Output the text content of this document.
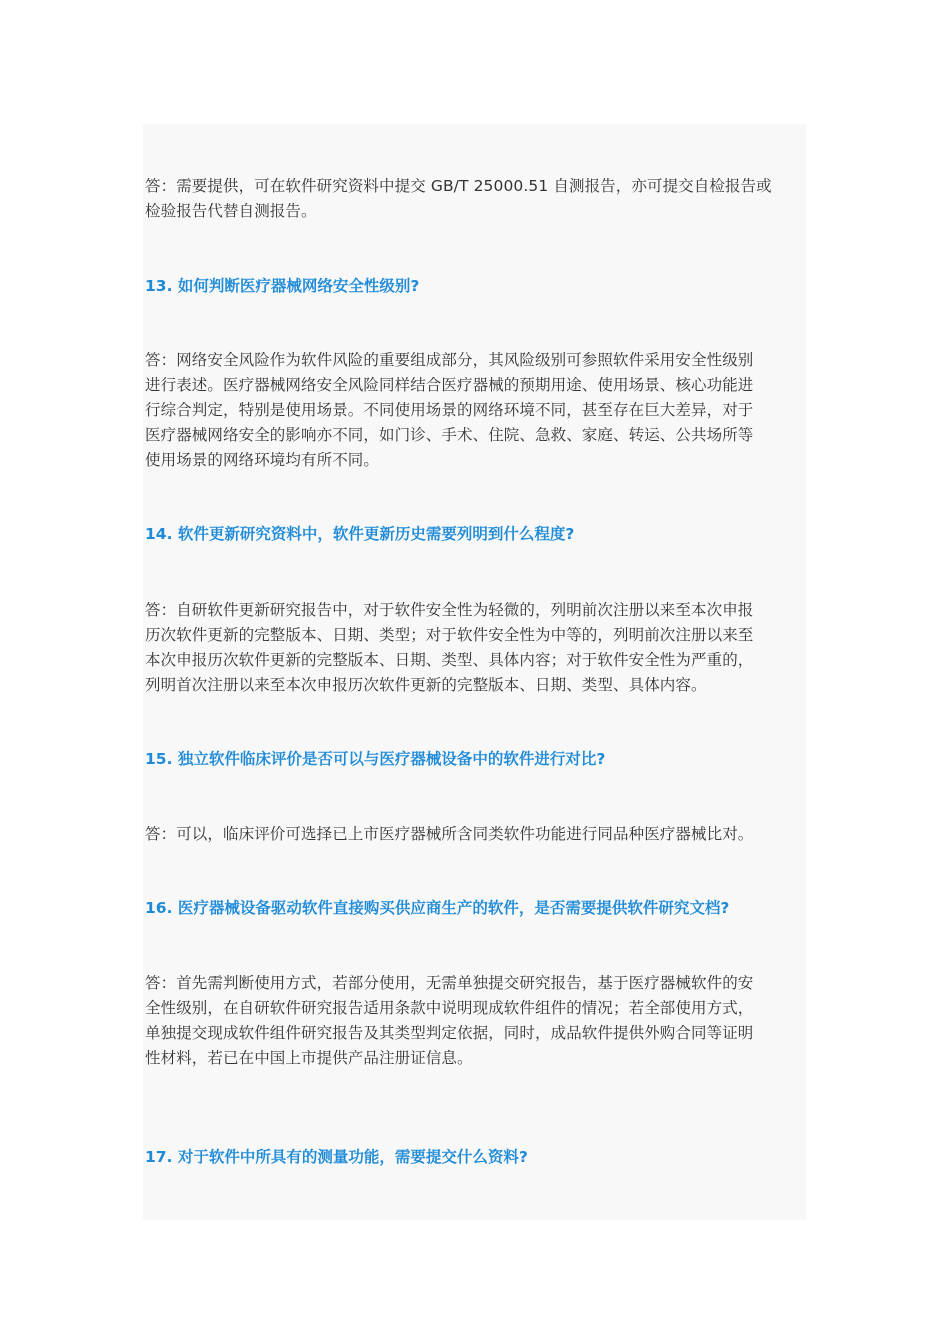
答：需要提供，可在软件研究资料中提交 GB/T 25000.51 自测报告，亦可提交自检报告或
检验报告代替自测报告。
13. 如何判断医疗器械网络安全性级别?
答：网络安全风险作为软件风险的重要组成部分，其风险级别可参照软件采用安全性级别
进行表述。医疗器械网络安全风险同样结合医疗器械的预期用途、使用场景、核心功能进
行综合判定，特别是使用场景。不同使用场景的网络环境不同，甚至存在巨大差异，对于
医疗器械网络安全的影响亦不同，如门诊、手术、住院、急救、家庭、转运、公共场所等
使用场景的网络环境均有所不同。
14. 软件更新研究资料中，软件更新历史需要列明到什么程度?
答：自研软件更新研究报告中，对于软件安全性为轻微的，列明前次注册以来至本次申报
历次软件更新的完整版本、日期、类型；对于软件安全性为中等的，列明前次注册以来至
本次申报历次软件更新的完整版本、日期、类型、具体内容；对于软件安全性为严重的，
列明首次注册以来至本次申报历次软件更新的完整版本、日期、类型、具体内容。
15. 独立软件临床评价是否可以与医疗器械设备中的软件进行对比?
答：可以，临床评价可选择已上市医疗器械所含同类软件功能进行同品种医疗器械比对。
16. 医疗器械设备驱动软件直接购买供应商生产的软件，是否需要提供软件研究文档?
答：首先需判断使用方式，若部分使用，无需单独提交研究报告，基于医疗器械软件的安
全性级别，在自研软件研究报告适用条款中说明现成软件组件的情况；若全部使用方式，
单独提交现成软件组件研究报告及其类型判定依据，同时，成品软件提供外购合同等证明
性材料，若已在中国上市提供产品注册证信息。
17. 对于软件中所具有的测量功能，需要提交什么资料?
